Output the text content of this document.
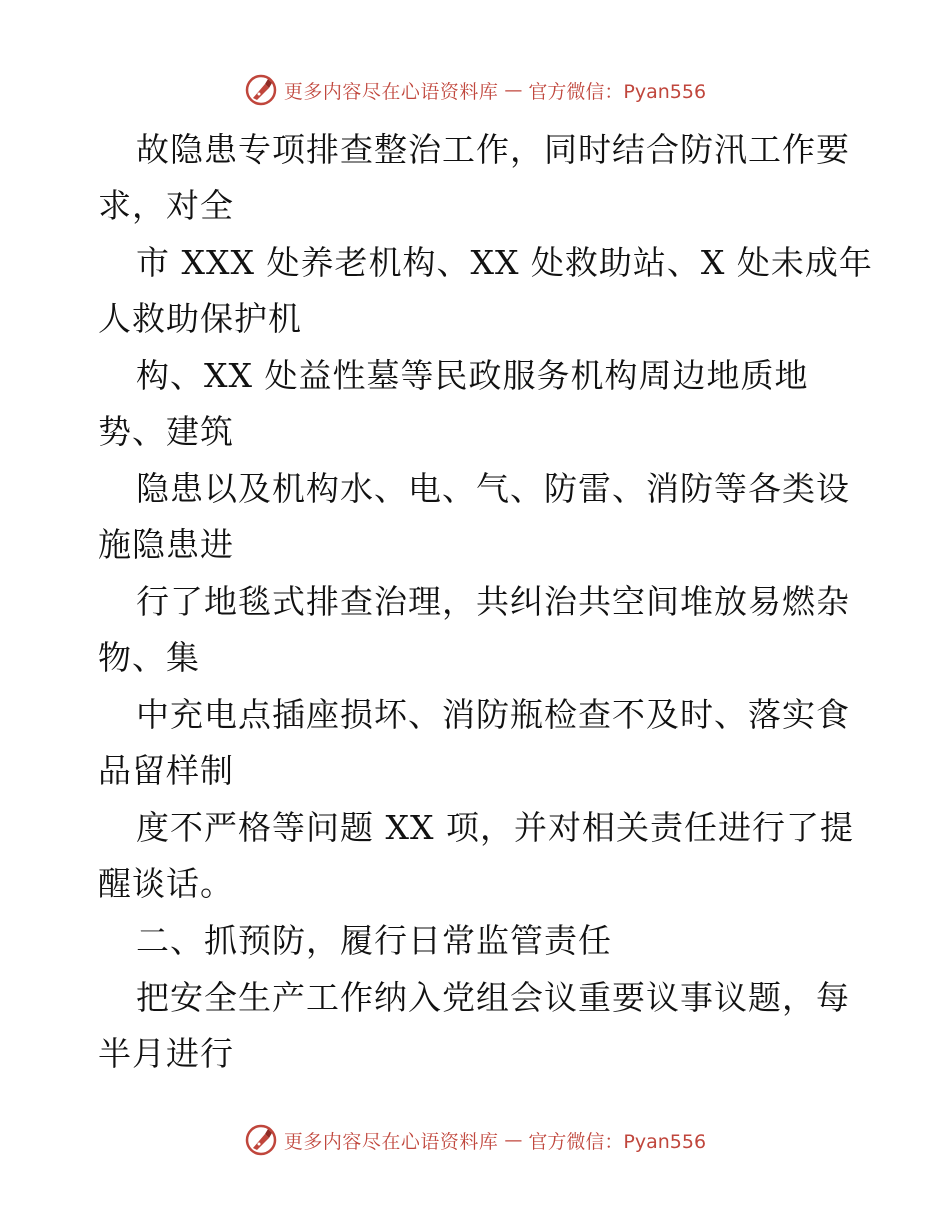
更多内容尽在心语资料库 — 官方微信：Pyan556

故隐患专项排查整治工作，同时结合防汛工作要
求，对全

市 XXX 处养老机构、XX 处救助站、X 处未成年
人救助保护机

构、XX 处益性墓等民政服务机构周边地质地
势、建筑

隐患以及机构水、电、气、防雷、消防等各类设
施隐患进

行了地毯式排查治理，共纠治共空间堆放易燃杂
物、集

中充电点插座损坏、消防瓶检查不及时、落实食
品留样制

度不严格等问题 XX 项，并对相关责任进行了提
醒谈话。

二、抓预防，履行日常监管责任

把安全生产工作纳入党组会议重要议事议题，每
半月进行

更多内容尽在心语资料库 — 官方微信：Pyan556
